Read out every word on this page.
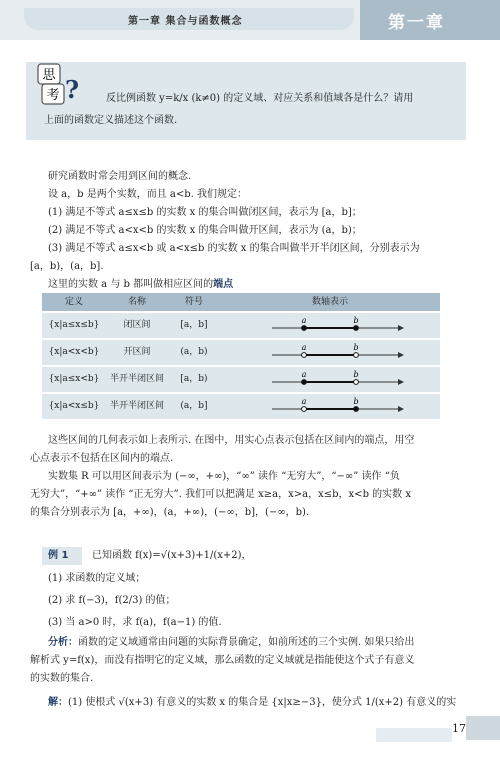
第一章 集合与函数概念	第一章
思
考 ?	反比例函数 y=k/x (k≠0) 的定义域、对应关系和值域各是什么？请用
上面的函数定义描述这个函数.
研究函数时常会用到区间的概念.
设 a，b 是两个实数，而且 a<b. 我们规定：
(1) 满足不等式 a≤x≤b 的实数 x 的集合叫做闭区间，表示为 [a，b]；
(2) 满足不等式 a<x<b 的实数 x 的集合叫做开区间，表示为 (a，b)；
(3) 满足不等式 a≤x<b 或 a<x≤b 的实数 x 的集合叫做半开半闭区间，分别表示为
[a，b)，(a，b].
这里的实数 a 与 b 都叫做相应区间的端点
定义	名称	符号	数轴表示
{x|a≤x≤b}	闭区间	[a，b]	a	b
{x|a<x<b}	开区间	(a，b)	a	b
{x|a≤x<b}	半开半闭区间	[a，b)	a	b
{x|a<x≤b}	半开半闭区间	(a，b]	a	b
这些区间的几何表示如上表所示. 在图中，用实心点表示包括在区间内的端点，用空
心点表示不包括在区间内的端点.
实数集 R 可以用区间表示为 (−∞，+∞)，“∞” 读作 “无穷大”，“−∞” 读作 “负
无穷大”，“+∞” 读作 “正无穷大”. 我们可以把满足 x≥a，x>a，x≤b，x<b 的实数 x
的集合分别表示为 [a，+∞)，(a，+∞)，(−∞，b]，(−∞，b).
例 1 已知函数 f(x)=√(x+3)+1/(x+2)，
(1) 求函数的定义域；
(2) 求 f(−3)，f(2/3) 的值；
(3) 当 a>0 时，求 f(a)，f(a−1) 的值.
分析：函数的定义域通常由问题的实际背景确定，如前所述的三个实例. 如果只给出
解析式 y=f(x)，而没有指明它的定义域，那么函数的定义域就是指能使这个式子有意义
的实数的集合.
解：(1) 使根式 √(x+3) 有意义的实数 x 的集合是 {x|x≥−3}，使分式 1/(x+2) 有意义的实
17
